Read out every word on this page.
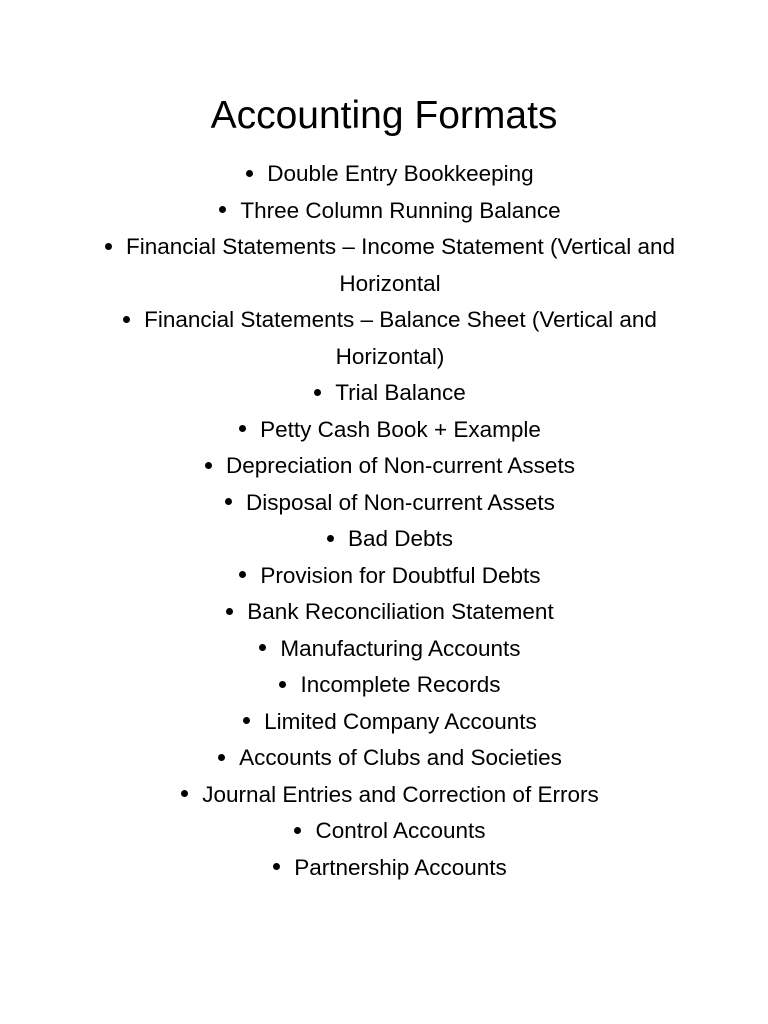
Accounting Formats
Double Entry Bookkeeping
Three Column Running Balance
Financial Statements – Income Statement (Vertical and Horizontal
Financial Statements – Balance Sheet (Vertical and Horizontal)
Trial Balance
Petty Cash Book + Example
Depreciation of Non-current Assets
Disposal of Non-current Assets
Bad Debts
Provision for Doubtful Debts
Bank Reconciliation Statement
Manufacturing Accounts
Incomplete Records
Limited Company Accounts
Accounts of Clubs and Societies
Journal Entries and Correction of Errors
Control Accounts
Partnership Accounts
